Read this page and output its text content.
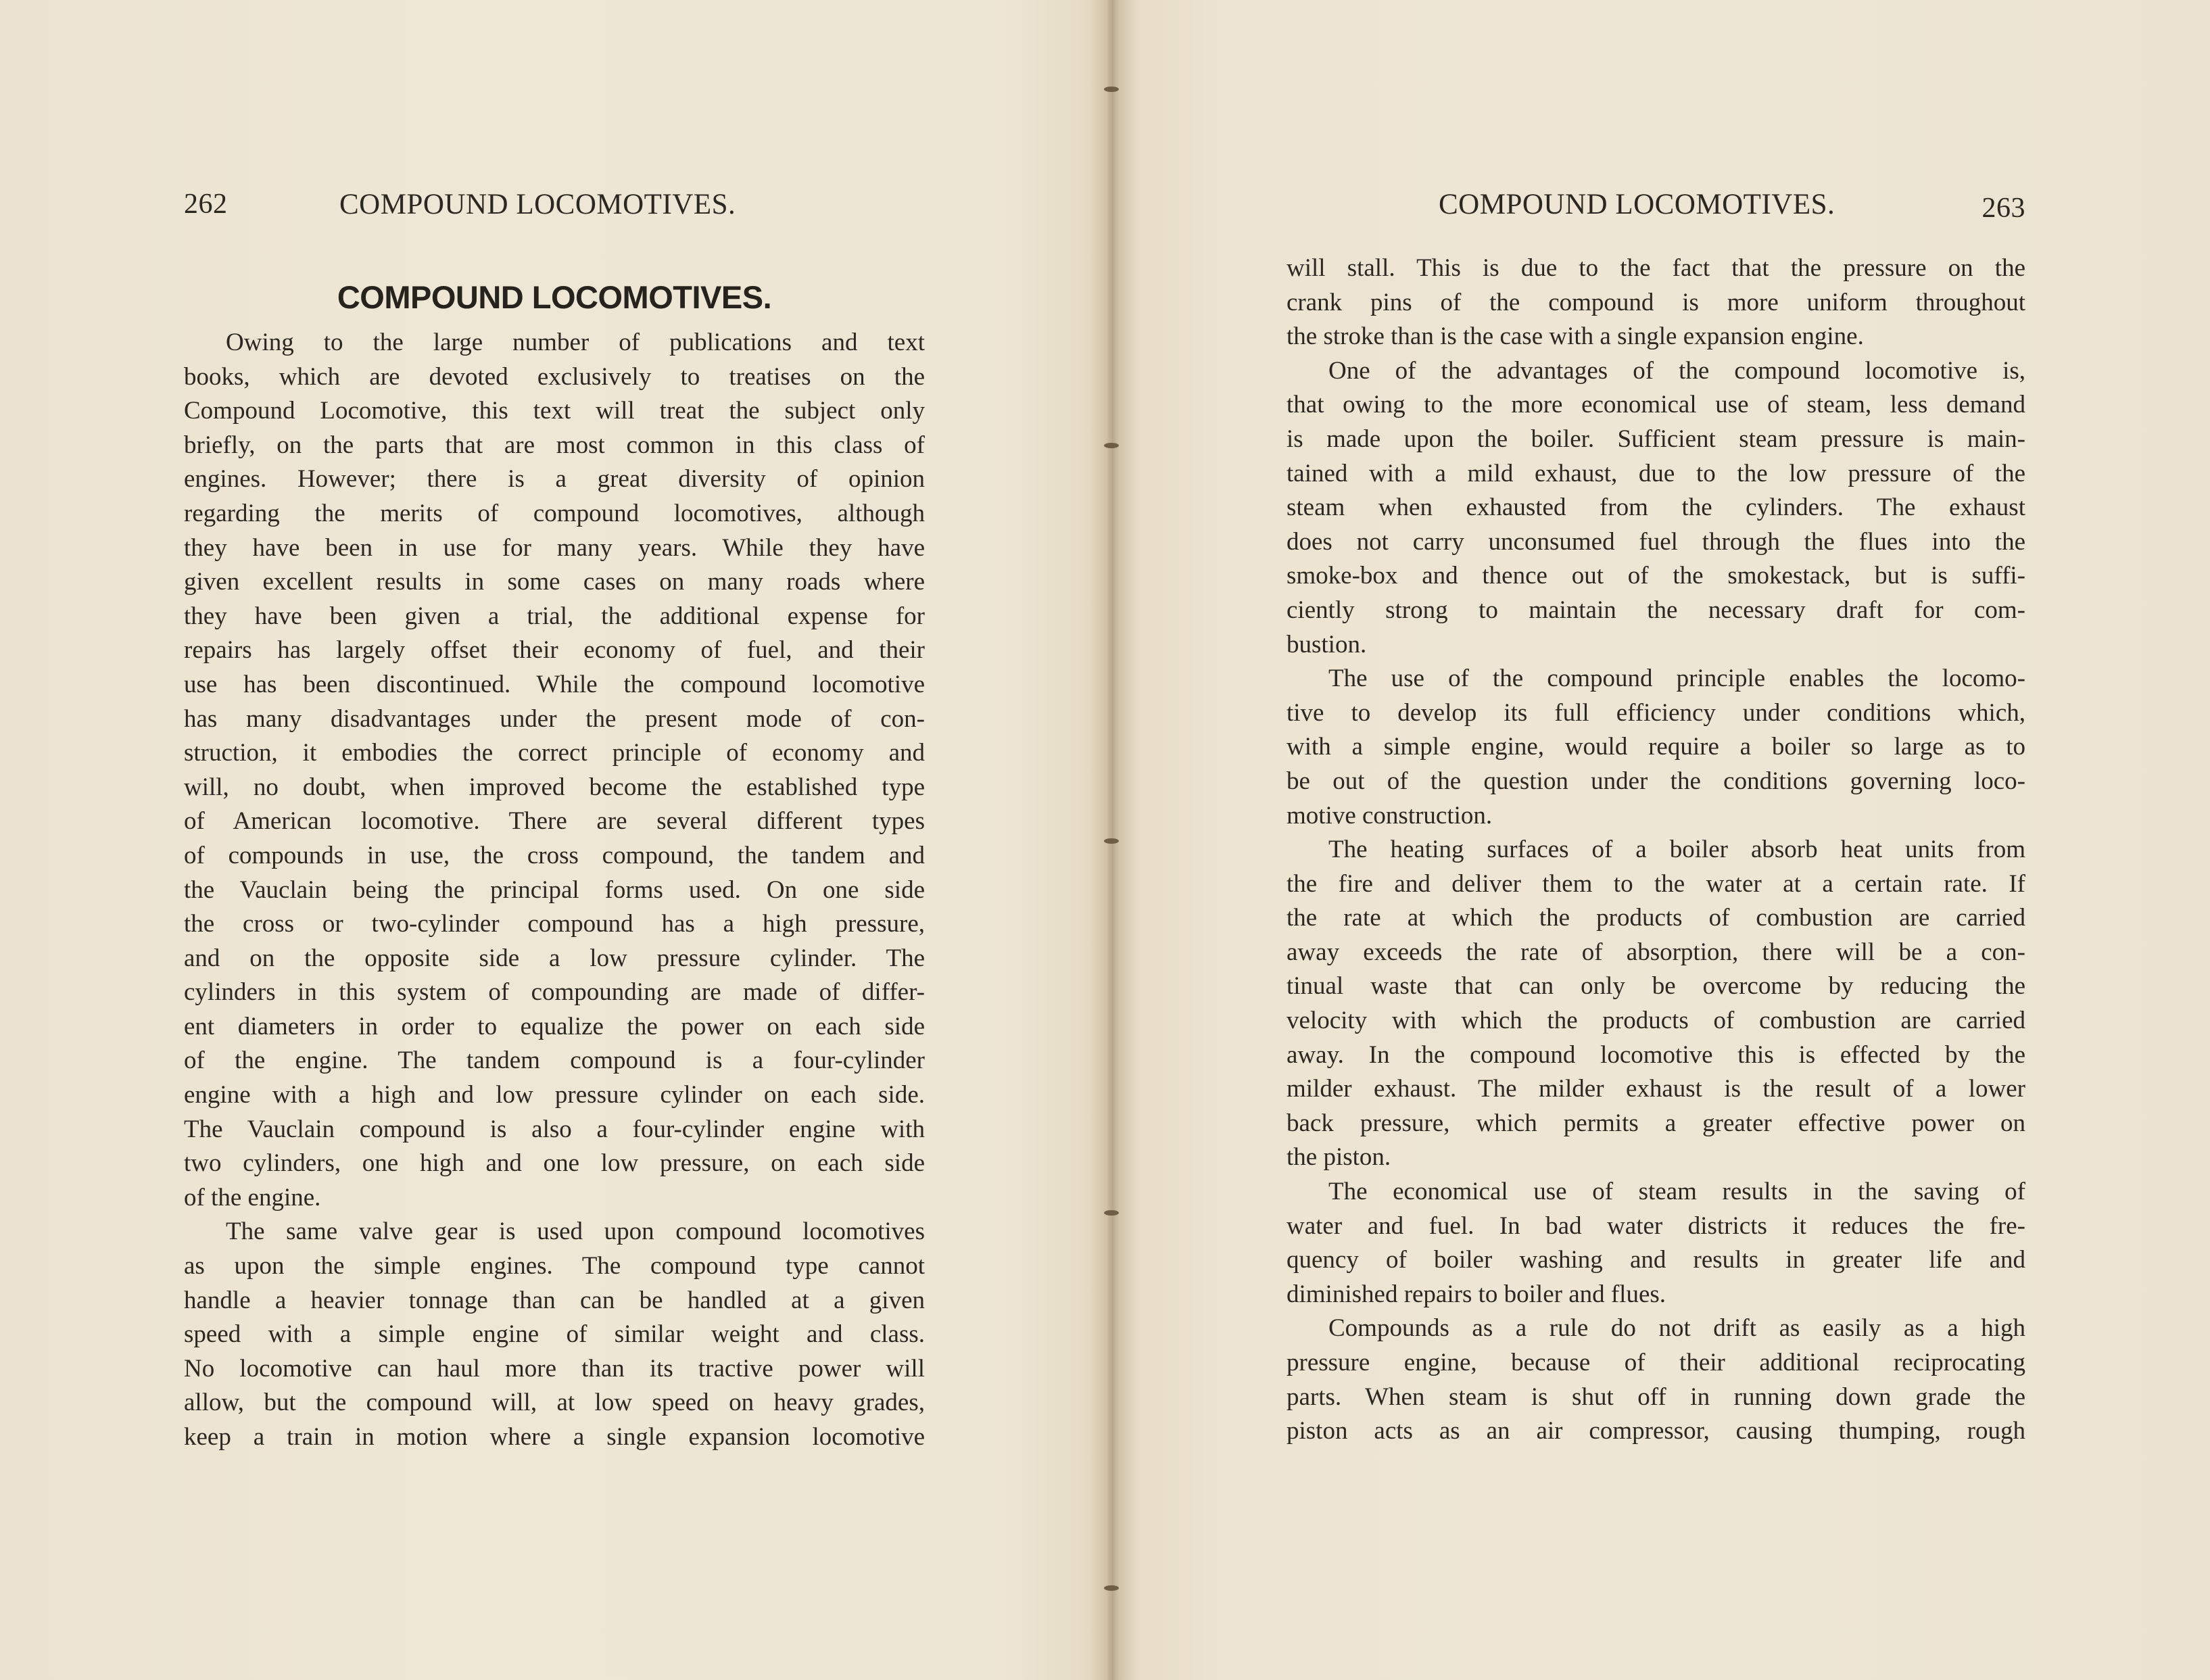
262	COMPOUND LOCOMOTIVES.
COMPOUND LOCOMOTIVES.
Owing to the large number of publications and text
books, which are devoted exclusively to treatises on the
Compound Locomotive, this text will treat the subject only
briefly, on the parts that are most common in this class of
engines. However; there is a great diversity of opinion
regarding the merits of compound locomotives, although
they have been in use for many years. While they have
given excellent results in some cases on many roads where
they have been given a trial, the additional expense for
repairs has largely offset their economy of fuel, and their
use has been discontinued. While the compound locomotive
has many disadvantages under the present mode of con-
struction, it embodies the correct principle of economy and
will, no doubt, when improved become the established type
of American locomotive. There are several different types
of compounds in use, the cross compound, the tandem and
the Vauclain being the principal forms used. On one side
the cross or two-cylinder compound has a high pressure,
and on the opposite side a low pressure cylinder. The
cylinders in this system of compounding are made of differ-
ent diameters in order to equalize the power on each side
of the engine. The tandem compound is a four-cylinder
engine with a high and low pressure cylinder on each side.
The Vauclain compound is also a four-cylinder engine with
two cylinders, one high and one low pressure, on each side
of the engine.
The same valve gear is used upon compound locomotives
as upon the simple engines. The compound type cannot
handle a heavier tonnage than can be handled at a given
speed with a simple engine of similar weight and class.
No locomotive can haul more than its tractive power will
allow, but the compound will, at low speed on heavy grades,
keep a train in motion where a single expansion locomotive
COMPOUND LOCOMOTIVES.	263
will stall. This is due to the fact that the pressure on the
crank pins of the compound is more uniform throughout
the stroke than is the case with a single expansion engine.
One of the advantages of the compound locomotive is,
that owing to the more economical use of steam, less demand
is made upon the boiler. Sufficient steam pressure is main-
tained with a mild exhaust, due to the low pressure of the
steam when exhausted from the cylinders. The exhaust
does not carry unconsumed fuel through the flues into the
smoke-box and thence out of the smokestack, but is suffi-
ciently strong to maintain the necessary draft for com-
bustion.
The use of the compound principle enables the locomo-
tive to develop its full efficiency under conditions which,
with a simple engine, would require a boiler so large as to
be out of the question under the conditions governing loco-
motive construction.
The heating surfaces of a boiler absorb heat units from
the fire and deliver them to the water at a certain rate. If
the rate at which the products of combustion are carried
away exceeds the rate of absorption, there will be a con-
tinual waste that can only be overcome by reducing the
velocity with which the products of combustion are carried
away. In the compound locomotive this is effected by the
milder exhaust. The milder exhaust is the result of a lower
back pressure, which permits a greater effective power on
the piston.
The economical use of steam results in the saving of
water and fuel. In bad water districts it reduces the fre-
quency of boiler washing and results in greater life and
diminished repairs to boiler and flues.
Compounds as a rule do not drift as easily as a high
pressure engine, because of their additional reciprocating
parts. When steam is shut off in running down grade the
piston acts as an air compressor, causing thumping, rough
